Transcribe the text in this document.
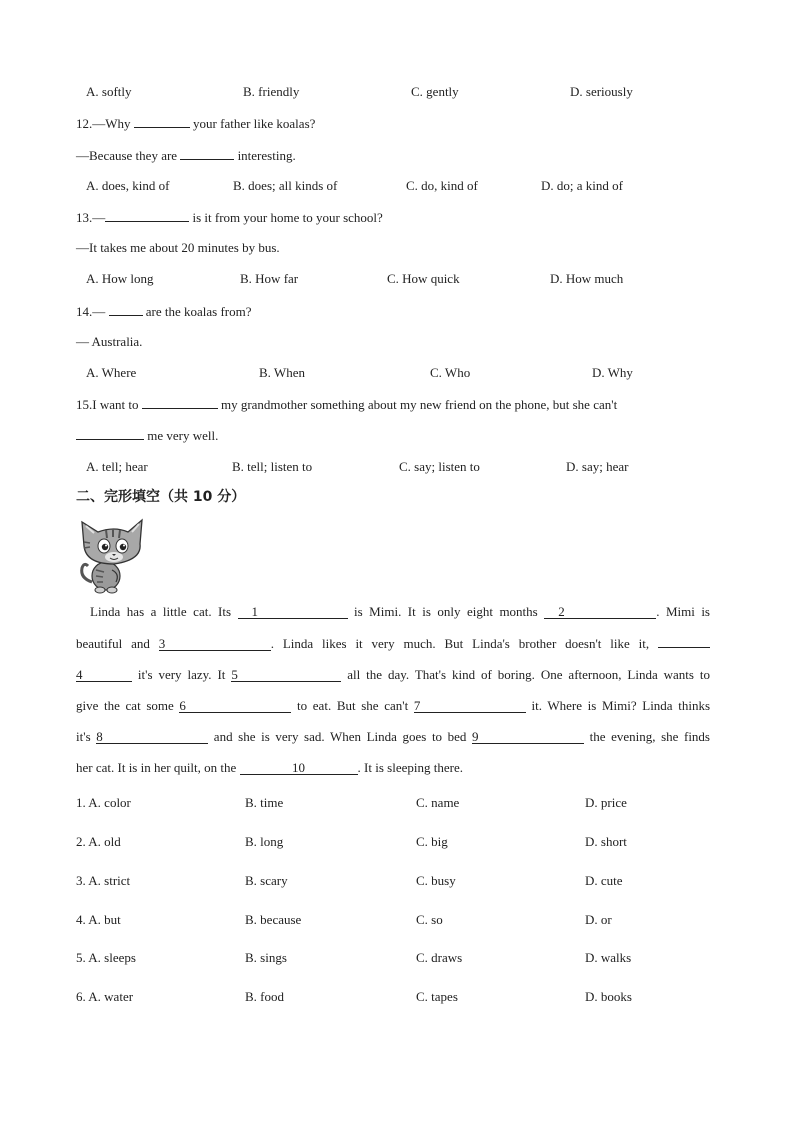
A. softly	B. friendly	C. gently	D. seriously
12.—Why	your father like koalas?
—Because they are	interesting.
A. does, kind of	B. does; all kinds of	C. do, kind of	D. do; a kind of
13.—	is it from your home to your school?
—It takes me about 20 minutes by bus.
A. How long	B. How far	C. How quick	D. How much
14.—	are the koalas from?
— Australia.
A. Where	B. When	C. Who	D. Why
15.I want to	my grandmother something about my new friend on the phone, but she can't
me very well.
A. tell; hear	B. tell; listen to	C. say; listen to	D. say; hear
二、完形填空（共 10 分）
Linda has a little cat. Its 1	is Mimi. It is only eight months 2	. Mimi is
beautiful and 3	. Linda likes it very much. But Linda's brother doesn't like it,
4	it's very lazy. It 5	all the day. That's kind of boring. One afternoon, Linda wants to
give the cat some 6	to eat. But she can't 7	it. Where is Mimi? Linda thinks
it's 8	and she is very sad. When Linda goes to bed 9	the evening, she finds
her cat. It is in her quilt, on the	10	. It is sleeping there.
1. A. color	B. time	C. name	D. price
2. A. old	B. long	C. big	D. short
3. A. strict	B. scary	C. busy	D. cute
4. A. but	B. because	C. so	D. or
5. A. sleeps	B. sings	C. draws	D. walks
6. A. water	B. food	C. tapes	D. books
